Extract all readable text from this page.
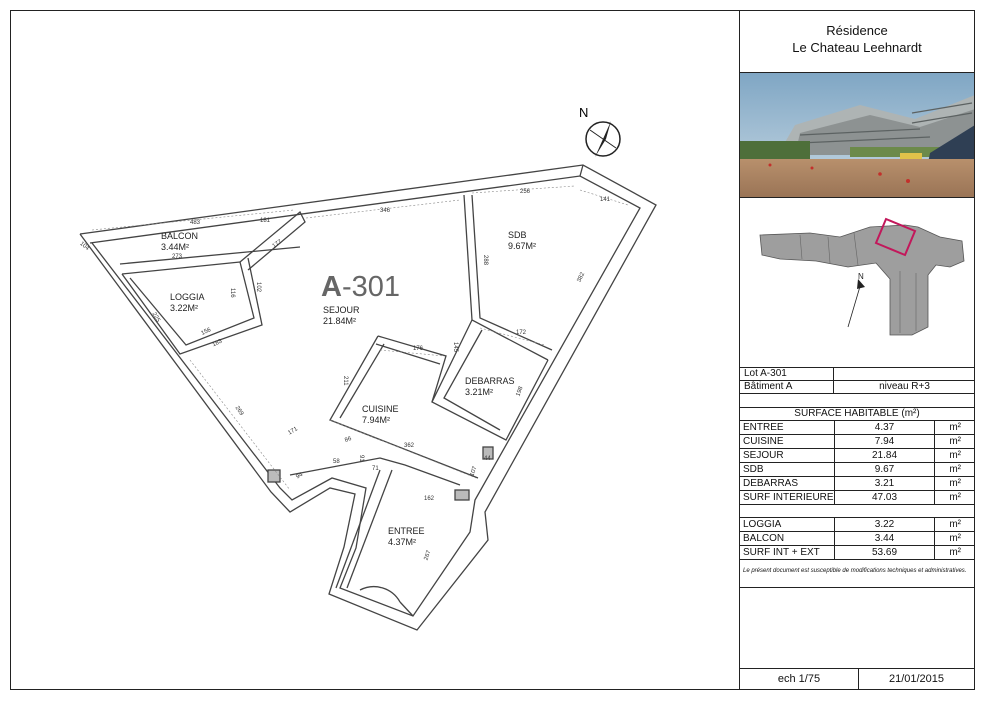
N
483
104
273
181
177
346
256
141
288
116
102
156
225
183
382
172
176	145
211
198
269
171
86
58
91
362
71	107
44
94
162
267
A-301
BALCON
3.44M²
LOGGIA
3.22M²	SEJOUR
21.84M²
SDB
9.67M²
DEBARRAS
3.21M²
CUISINE
7.94M²
ENTREE
4.37M²
Résidence
Le Chateau Leehnardt
N
Lot A-301
Bâtiment A	niveau R+3
SURFACE HABITABLE (m²)
ENTREE	4.37	m²
CUISINE	7.94	m²
SEJOUR	21.84	m²
SDB	9.67	m²
DEBARRAS	3.21	m²
SURF INTERIEURE	47.03	m²
LOGGIA	3.22	m²
BALCON	3.44	m²
SURF INT + EXT	53.69	m²
Le présent document est susceptible de modifications techniques et administratives.
ech 1/75	21/01/2015
